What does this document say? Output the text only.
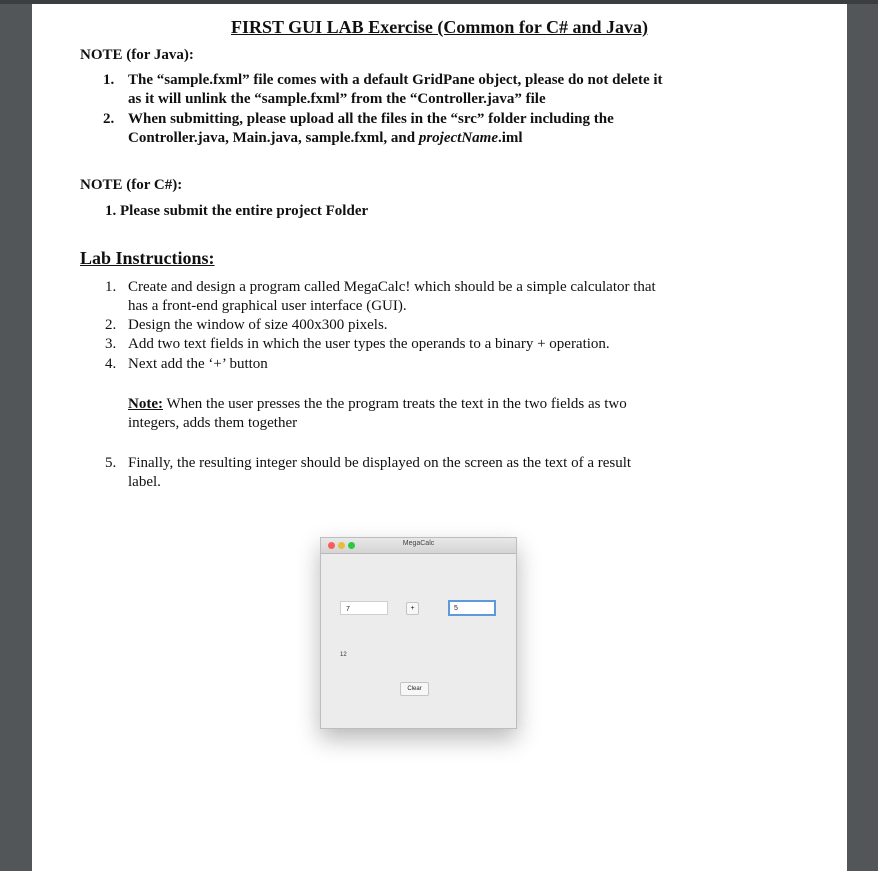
FIRST GUI LAB Exercise (Common for C# and Java)
NOTE (for Java):
1. The “sample.fxml” file comes with a default GridPane object, please do not delete it
as it will unlink the “sample.fxml” from the “Controller.java” file
2. When submitting, please upload all the files in the “src” folder including the
Controller.java, Main.java, sample.fxml, and projectName.iml
NOTE (for C#):
1. Please submit the entire project Folder
Lab Instructions:
1. Create and design a program called MegaCalc! which should be a simple calculator that
has a front-end graphical user interface (GUI).
2. Design the window of size 400x300 pixels.
3. Add two text fields in which the user types the operands to a binary + operation.
4. Next add the ‘+’ button
Note: When the user presses the the program treats the text in the two fields as two
integers, adds them together
5. Finally, the resulting integer should be displayed on the screen as the text of a result
label.
MegaCalc
7	+	5
12
Clear
